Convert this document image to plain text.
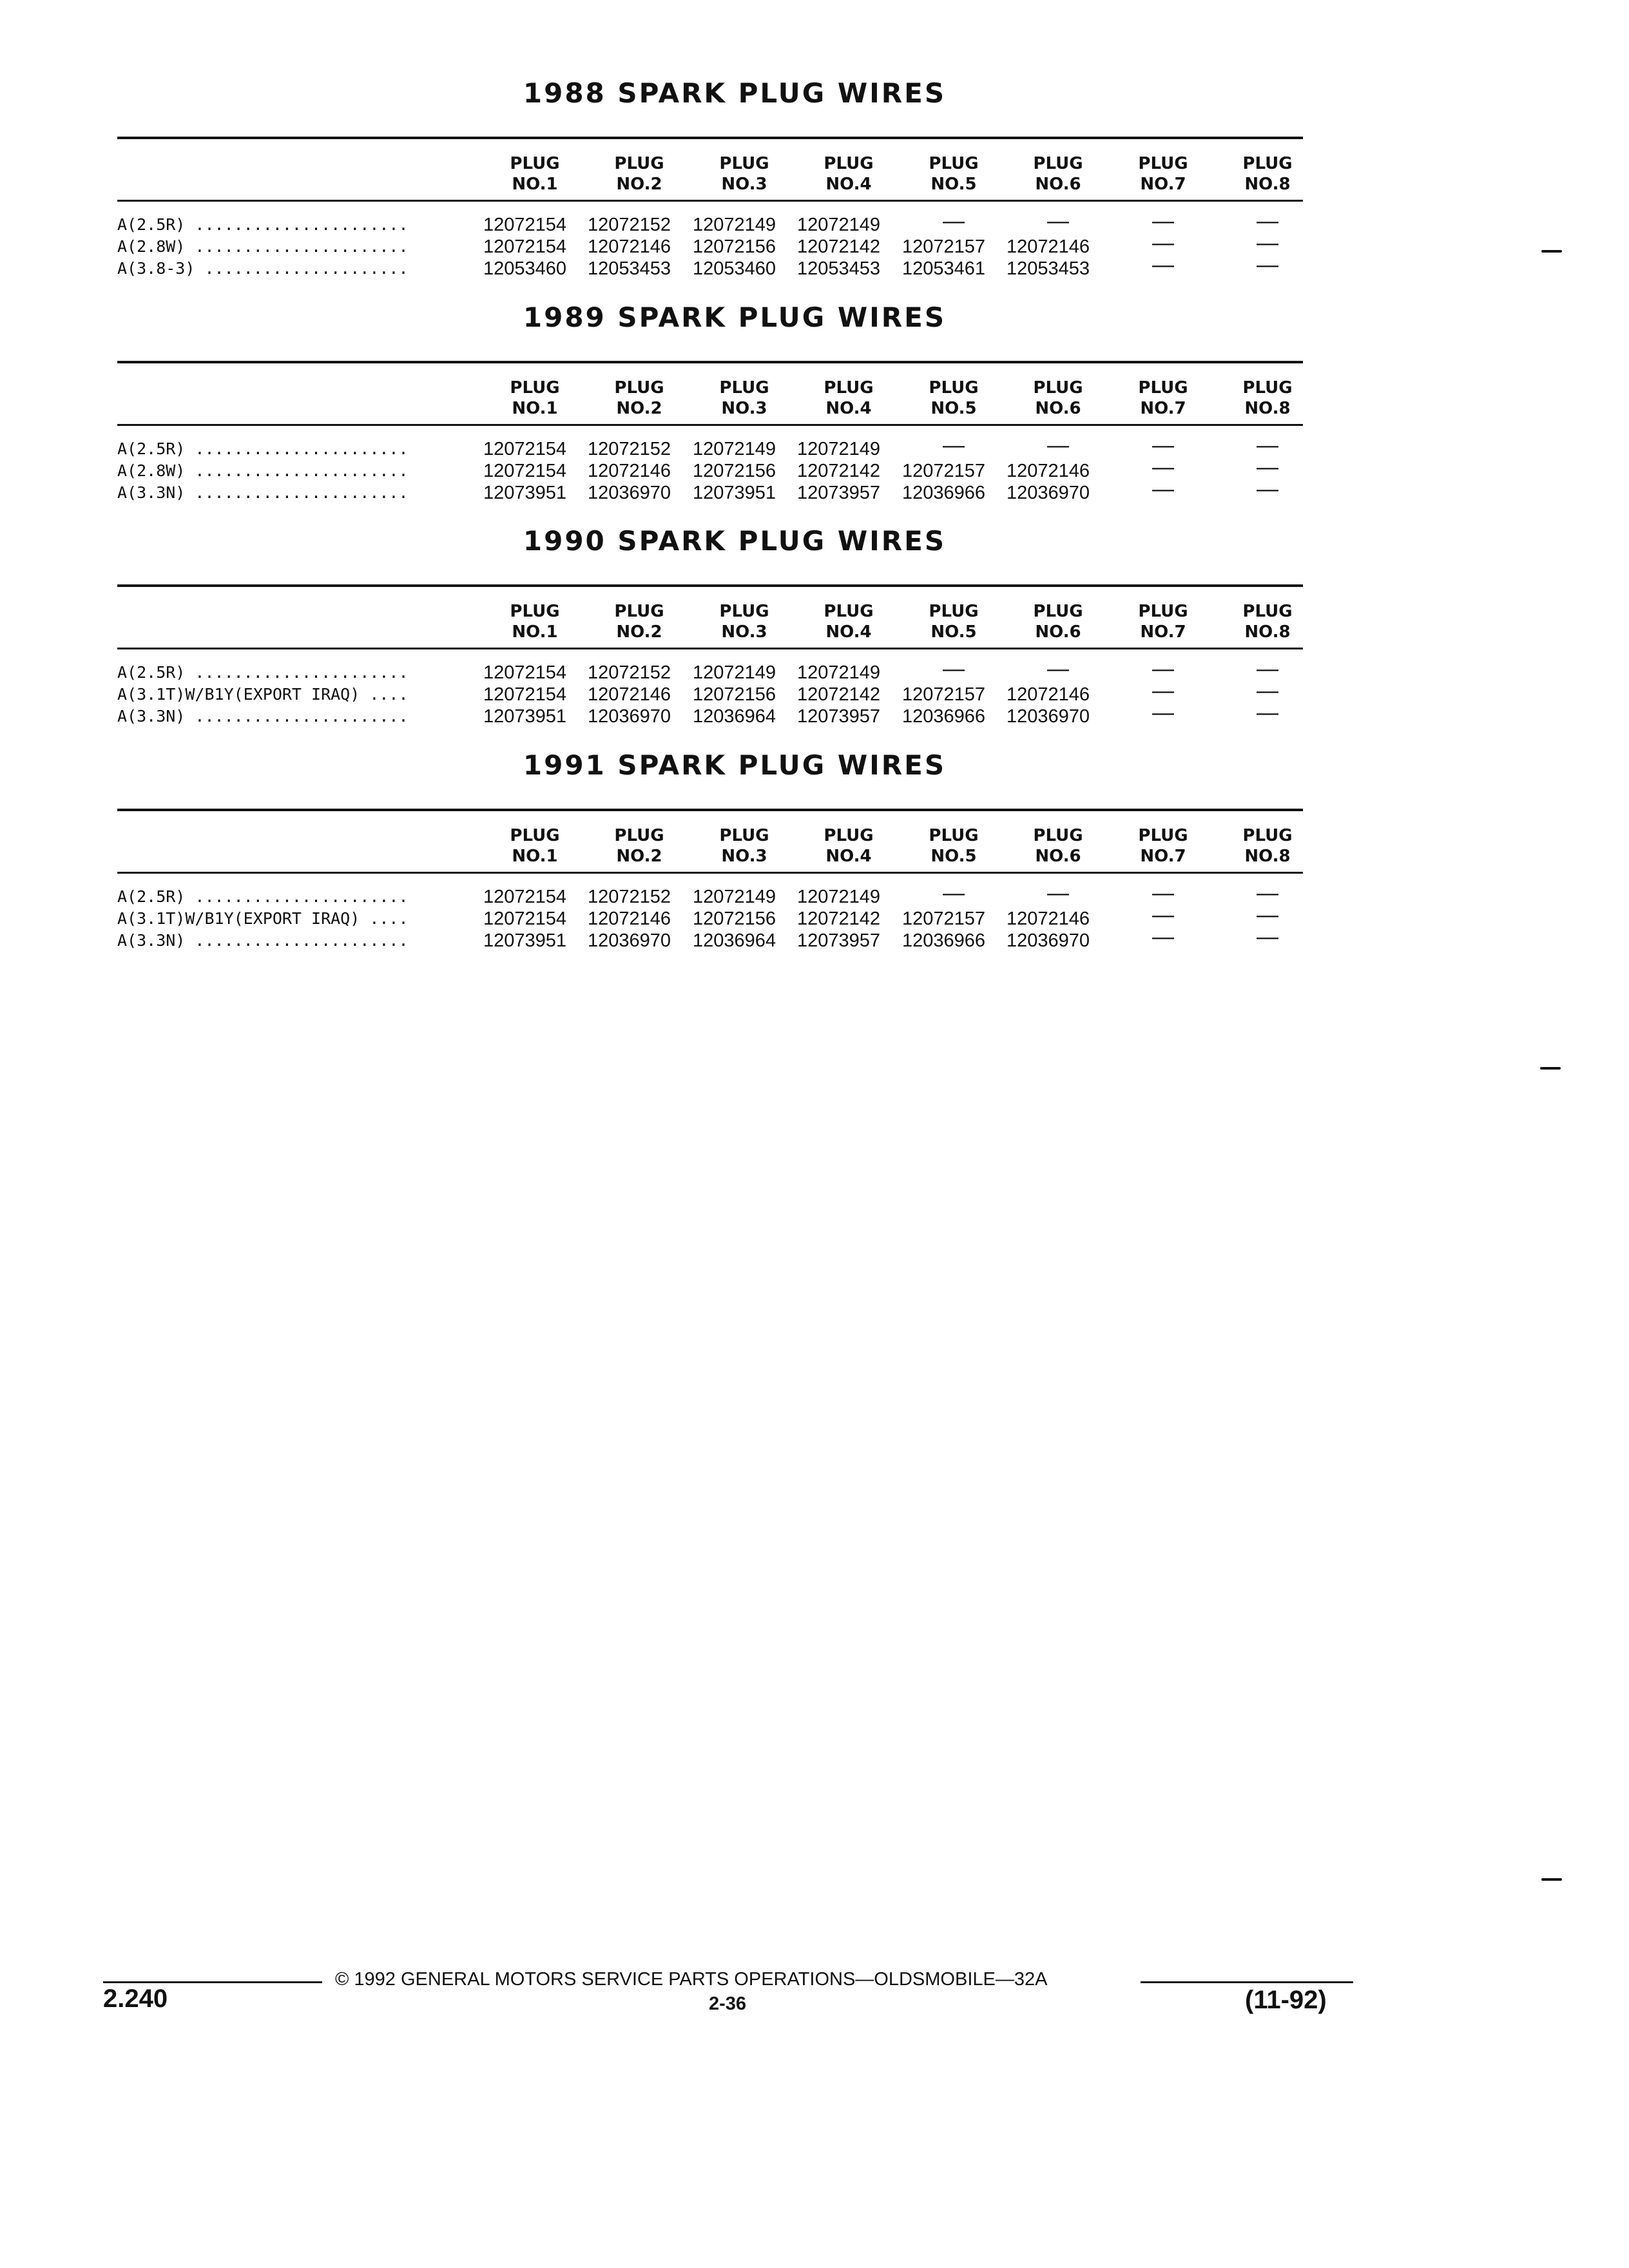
1988 SPARK PLUG WIRES
PLUG
NO.1
PLUG
NO.2
PLUG
NO.3
PLUG
NO.4
PLUG
NO.5
PLUG
NO.6
PLUG
NO.7
PLUG
NO.8
A(2.5R) ......................	12072154	12072152	12072149	12072149	—	—	—	—
A(2.8W) ......................	12072154	12072146	12072156	12072142	12072157	12072146	—	—
A(3.8-3) .....................	12053460	12053453	12053460	12053453	12053461	12053453	—	—
1989 SPARK PLUG WIRES
PLUG
NO.1
PLUG
NO.2
PLUG
NO.3
PLUG
NO.4
PLUG
NO.5
PLUG
NO.6
PLUG
NO.7
PLUG
NO.8
A(2.5R) ......................	12072154	12072152	12072149	12072149	—	—	—	—
A(2.8W) ......................	12072154	12072146	12072156	12072142	12072157	12072146	—	—
A(3.3N) ......................	12073951	12036970	12073951	12073957	12036966	12036970	—	—
1990 SPARK PLUG WIRES
PLUG
NO.1
PLUG
NO.2
PLUG
NO.3
PLUG
NO.4
PLUG
NO.5
PLUG
NO.6
PLUG
NO.7
PLUG
NO.8
A(2.5R) ......................	12072154	12072152	12072149	12072149	—	—	—	—
A(3.1T)W/B1Y(EXPORT IRAQ) ....	12072154	12072146	12072156	12072142	12072157	12072146	—	—
A(3.3N) ......................	12073951	12036970	12036964	12073957	12036966	12036970	—	—
1991 SPARK PLUG WIRES
PLUG
NO.1
PLUG
NO.2
PLUG
NO.3
PLUG
NO.4
PLUG
NO.5
PLUG
NO.6
PLUG
NO.7
PLUG
NO.8
A(2.5R) ......................	12072154	12072152	12072149	12072149	—	—	—	—
A(3.1T)W/B1Y(EXPORT IRAQ) ....	12072154	12072146	12072156	12072142	12072157	12072146	—	—
A(3.3N) ......................	12073951	12036970	12036964	12073957	12036966	12036970	—	—
© 1992 GENERAL MOTORS SERVICE PARTS OPERATIONS—OLDSMOBILE—32A
2.240	2-36	(11-92)
